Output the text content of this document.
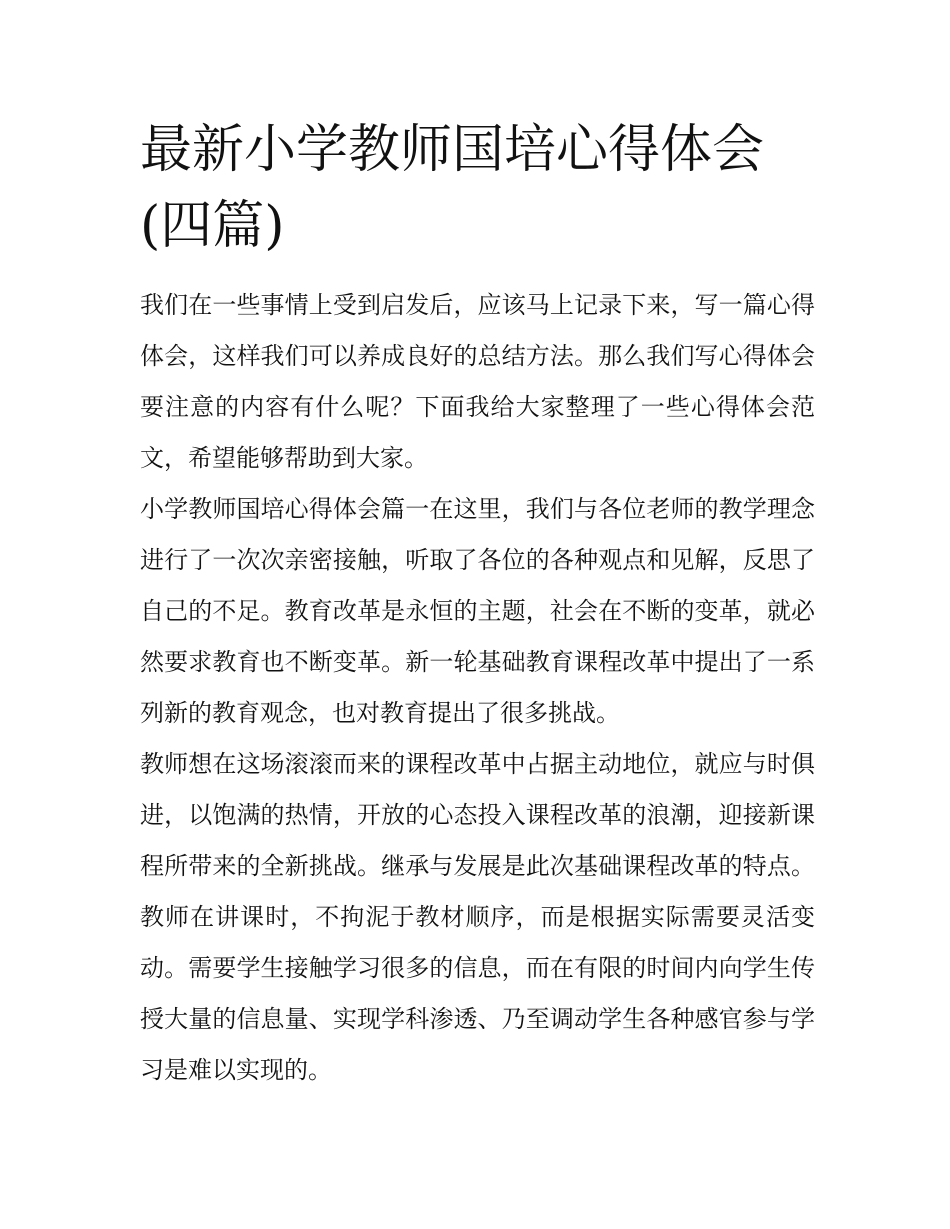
最新小学教师国培心得体会(四篇)

我们在一些事情上受到启发后，应该马上记录下来，写一篇心得体会，这样我们可以养成良好的总结方法。那么我们写心得体会要注意的内容有什么呢？下面我给大家整理了一些心得体会范文，希望能够帮助到大家。

小学教师国培心得体会篇一在这里，我们与各位老师的教学理念进行了一次次亲密接触，听取了各位的各种观点和见解，反思了自己的不足。教育改革是永恒的主题，社会在不断的变革，就必然要求教育也不断变革。新一轮基础教育课程改革中提出了一系列新的教育观念，也对教育提出了很多挑战。

教师想在这场滚滚而来的课程改革中占据主动地位，就应与时俱进，以饱满的热情，开放的心态投入课程改革的浪潮，迎接新课程所带来的全新挑战。继承与发展是此次基础课程改革的特点。教师在讲课时，不拘泥于教材顺序，而是根据实际需要灵活变动。需要学生接触学习很多的信息，而在有限的时间内向学生传授大量的信息量、实现学科渗透、乃至调动学生各种感官参与学习是难以实现的。
